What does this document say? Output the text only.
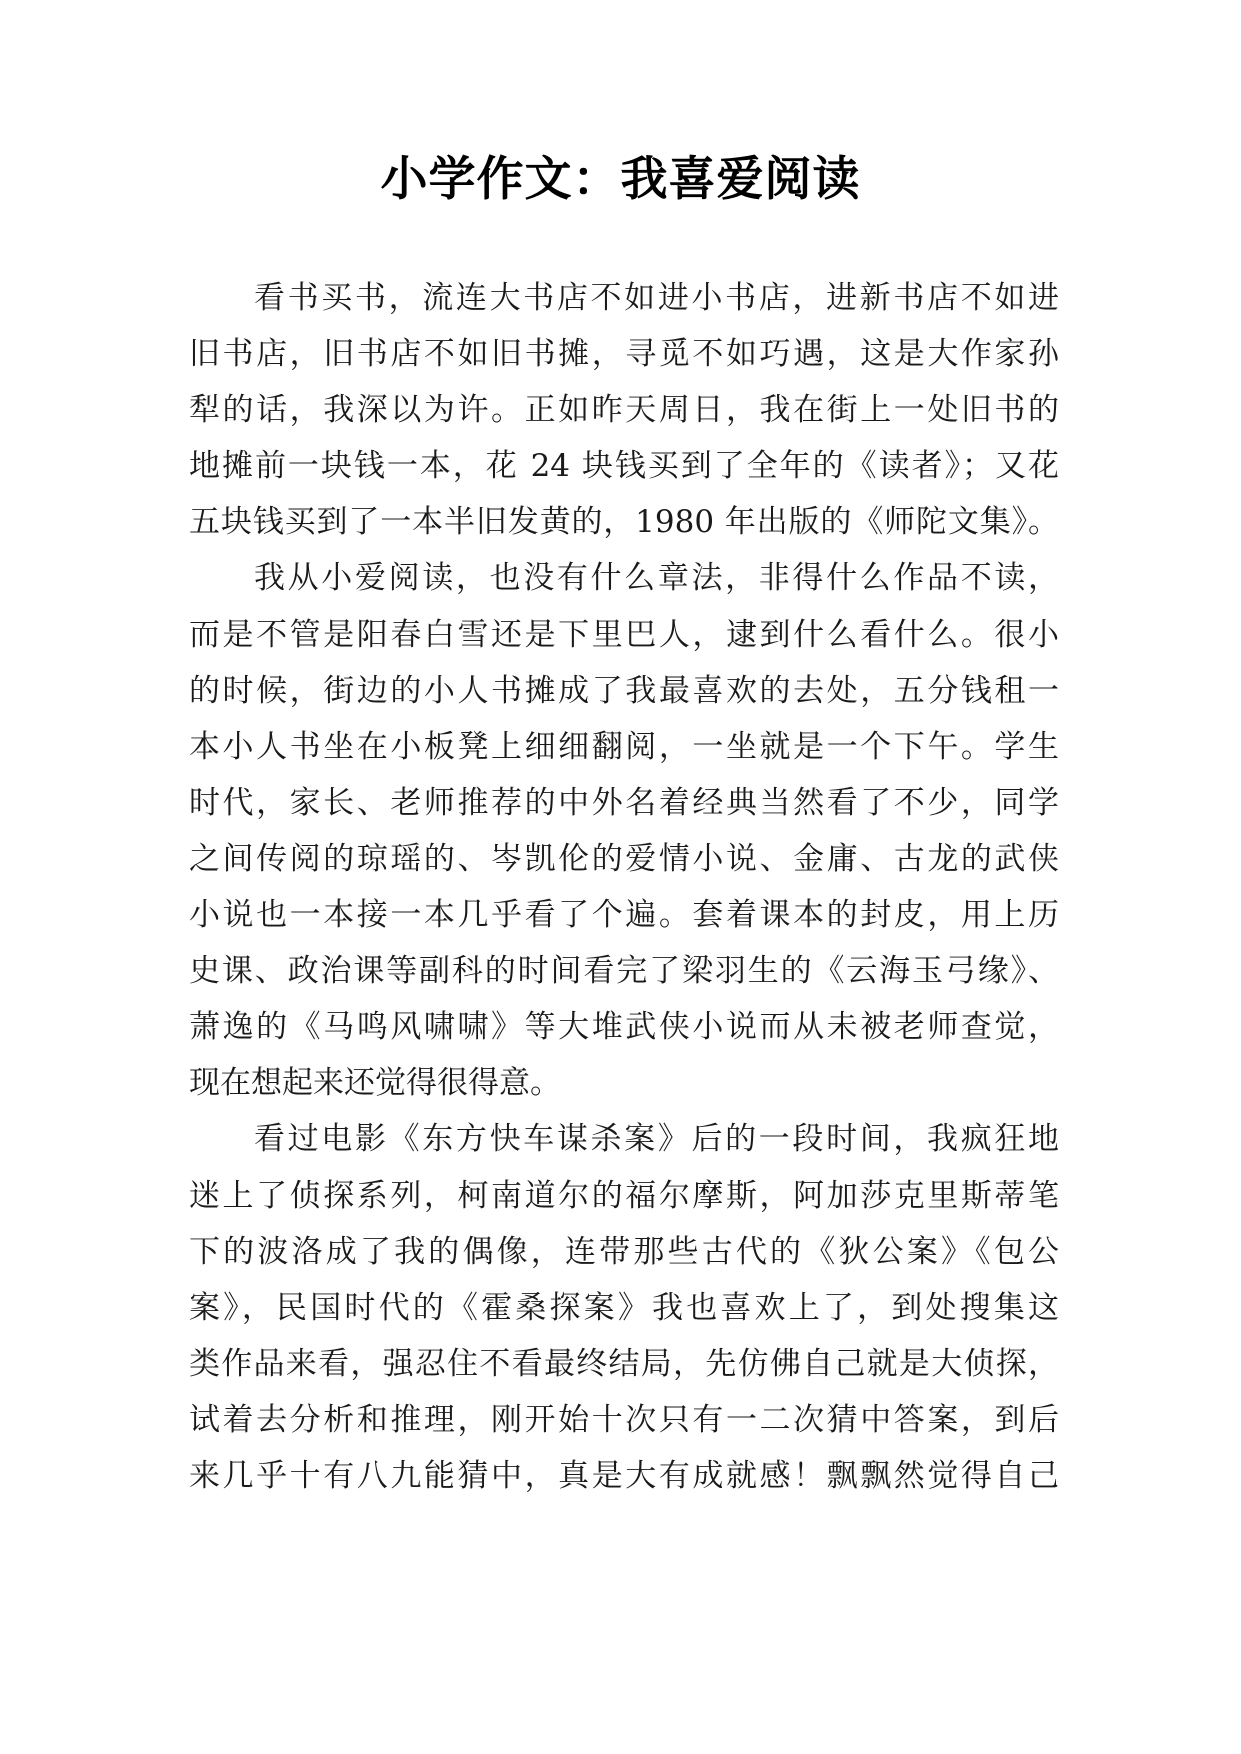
小学作文：我喜爱阅读
看书买书，流连大书店不如进小书店，进新书店不如进
旧书店，旧书店不如旧书摊，寻觅不如巧遇，这是大作家孙
犁的话，我深以为许。正如昨天周日，我在街上一处旧书的
地摊前一块钱一本，花 24 块钱买到了全年的《读者》；又花
五块钱买到了一本半旧发黄的，1980 年出版的《师陀文集》。
我从小爱阅读，也没有什么章法，非得什么作品不读，
而是不管是阳春白雪还是下里巴人，逮到什么看什么。很小
的时候，街边的小人书摊成了我最喜欢的去处，五分钱租一
本小人书坐在小板凳上细细翻阅，一坐就是一个下午。学生
时代，家长、老师推荐的中外名着经典当然看了不少，同学
之间传阅的琼瑶的、岑凯伦的爱情小说、金庸、古龙的武侠
小说也一本接一本几乎看了个遍。套着课本的封皮，用上历
史课、政治课等副科的时间看完了梁羽生的《云海玉弓缘》、
萧逸的《马鸣风啸啸》等大堆武侠小说而从未被老师查觉，
现在想起来还觉得很得意。
看过电影《东方快车谋杀案》后的一段时间，我疯狂地
迷上了侦探系列，柯南道尔的福尔摩斯，阿加莎克里斯蒂笔
下的波洛成了我的偶像，连带那些古代的《狄公案》《包公
案》，民国时代的《霍桑探案》我也喜欢上了，到处搜集这
类作品来看，强忍住不看最终结局，先仿佛自己就是大侦探，
试着去分析和推理，刚开始十次只有一二次猜中答案，到后
来几乎十有八九能猜中，真是大有成就感！飘飘然觉得自己
